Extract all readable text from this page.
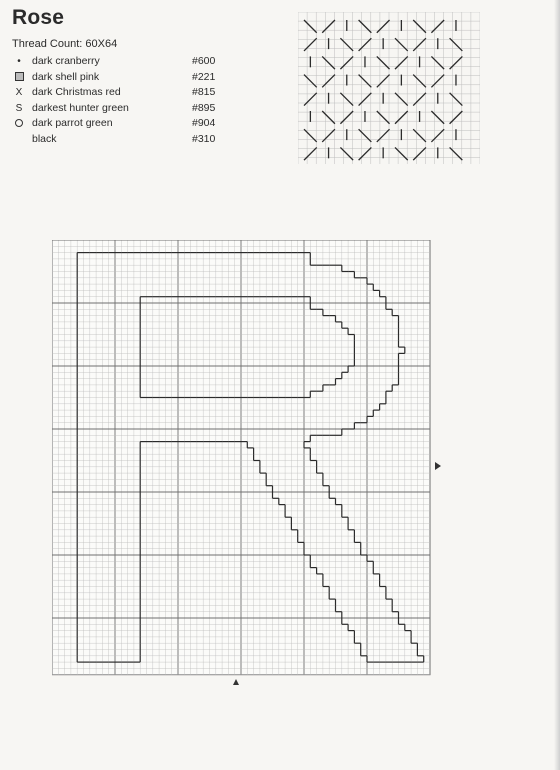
Rose
Thread Count: 60X64
•	dark cranberry	#600
dark shell pink	#221
X dark Christmas red	#815
S darkest hunter green	#895
dark parrot green	#904
black	#310
